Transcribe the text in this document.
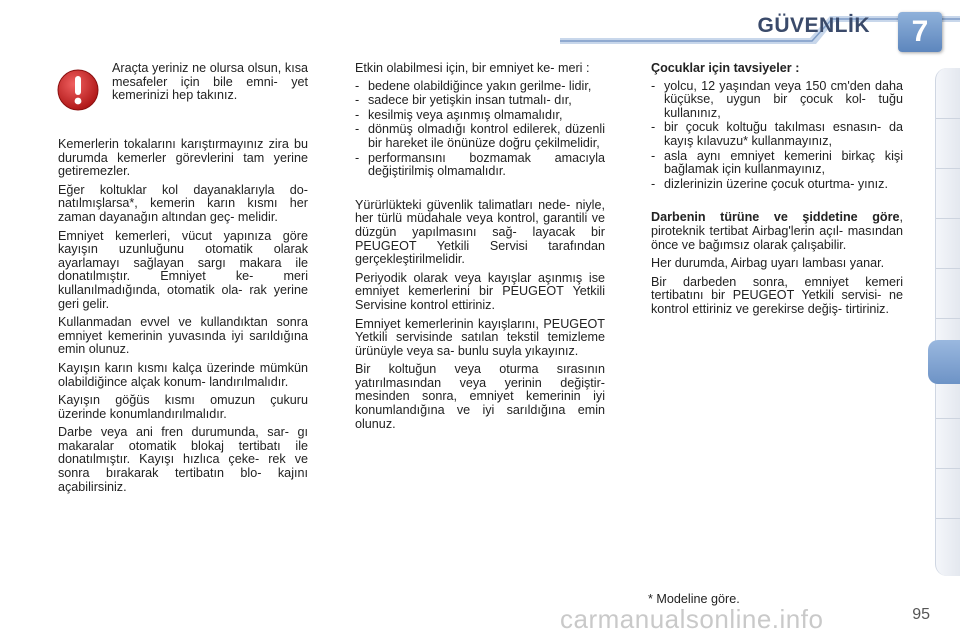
GÜVENLİK	7
Araçta yeriniz ne olursa olsun, kısa mesafeler için bile emni- yet kemerinizi hep takınız.

Kemerlerin tokalarını karıştırmayınız zira bu durumda kemerler görevlerini tam yerine getiremezler.

Eğer koltuklar kol dayanaklarıyla do- natılmışlarsa*, kemerin karın kısmı her zaman dayanağın altından geç- melidir.

Emniyet kemerleri, vücut yapınıza göre kayışın uzunluğunu otomatik olarak ayarlamayı sağlayan sargı makara ile donatılmıştır. Emniyet ke- meri kullanılmadığında, otomatik ola- rak yerine geri gelir.

Kullanmadan evvel ve kullandıktan sonra emniyet kemerinin yuvasında iyi sarıldığına emin olunuz.

Kayışın karın kısmı kalça üzerinde mümkün olabildiğince alçak konum- landırılmalıdır.

Kayışın göğüs kısmı omuzun çukuru üzerinde konumlandırılmalıdır.

Darbe veya ani fren durumunda, sar- gı makaralar otomatik blokaj tertibatı ile donatılmıştır. Kayışı hızlıca çeke- rek ve sonra bırakarak tertibatın blo- kajını açabilirsiniz.

Etkin olabilmesi için, bir emniyet ke- meri :

- bedene olabildiğince yakın gerilme- lidir,
- sadece bir yetişkin insan tutmalı- dır,
- kesilmiş veya aşınmış olmamalıdır,
- dönmüş olmadığı kontrol edilerek, düzenli bir hareket ile önünüze doğru çekilmelidir,
- performansını bozmamak amacıyla değiştirilmiş olmamalıdır.

Yürürlükteki güvenlik talimatları nede- niyle, her türlü müdahale veya kontrol, garantili ve düzgün yapılmasını sağ- layacak bir PEUGEOT Yetkili Servisi tarafından gerçekleştirilmelidir.

Periyodik olarak veya kayışlar aşınmış ise emniyet kemerlerini bir PEUGEOT Yetkili Servisine kontrol ettiriniz.

Emniyet kemerlerinin kayışlarını, PEUGEOT Yetkili servisinde satılan tekstil temizleme ürünüyle veya sa- bunlu suyla yıkayınız.

Bir koltuğun veya oturma sırasının yatırılmasından veya yerinin değiştir- mesinden sonra, emniyet kemerinin iyi konumlandığına ve iyi sarıldığına emin olunuz.

Çocuklar için tavsiyeler :

- yolcu, 12 yaşından veya 150 cm'den daha küçükse, uygun bir çocuk kol- tuğu kullanınız,
- bir çocuk koltuğu takılması esnasın- da kayış kılavuzu* kullanmayınız,
- asla aynı emniyet kemerini birkaç kişi bağlamak için kullanmayınız,
- dizlerinizin üzerine çocuk oturtma- yınız.

Darbenin türüne ve şiddetine göre, piroteknik tertibat Airbag'lerin açıl- masından önce ve bağımsız olarak çalışabilir.

Her durumda, Airbag uyarı lambası yanar.

Bir darbeden sonra, emniyet kemeri tertibatını bir PEUGEOT Yetkili servisi- ne kontrol ettiriniz ve gerekirse değiş- tirtiriniz.

* Modeline göre.
carmanualsonline.info	95
